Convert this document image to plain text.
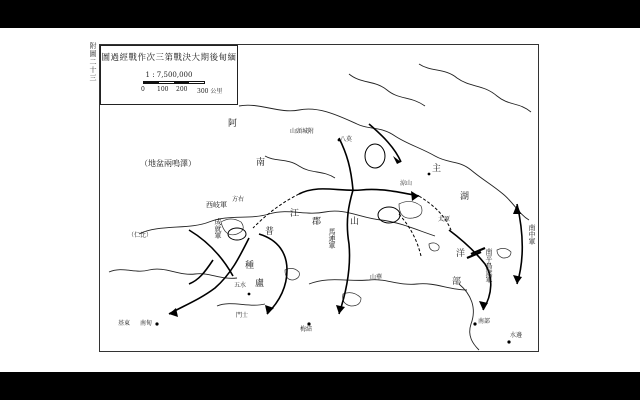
附圖二十三 圖過經戰作次三第戰決大期後甸緬
1 : 7,500,000
0 100 200 300 公里
（地盆兩嗚澤）
阿
南
江
郡
普
山
種
盧
主
湖
洋
部
馬連軍
成就軍
南平鳥遮軍
南中軍
西岐軍
山頭城附
方右
（仁比）
五水
門士
基東 南甸
梅結
山華
涼山
八莫
太原
南部
水邊
